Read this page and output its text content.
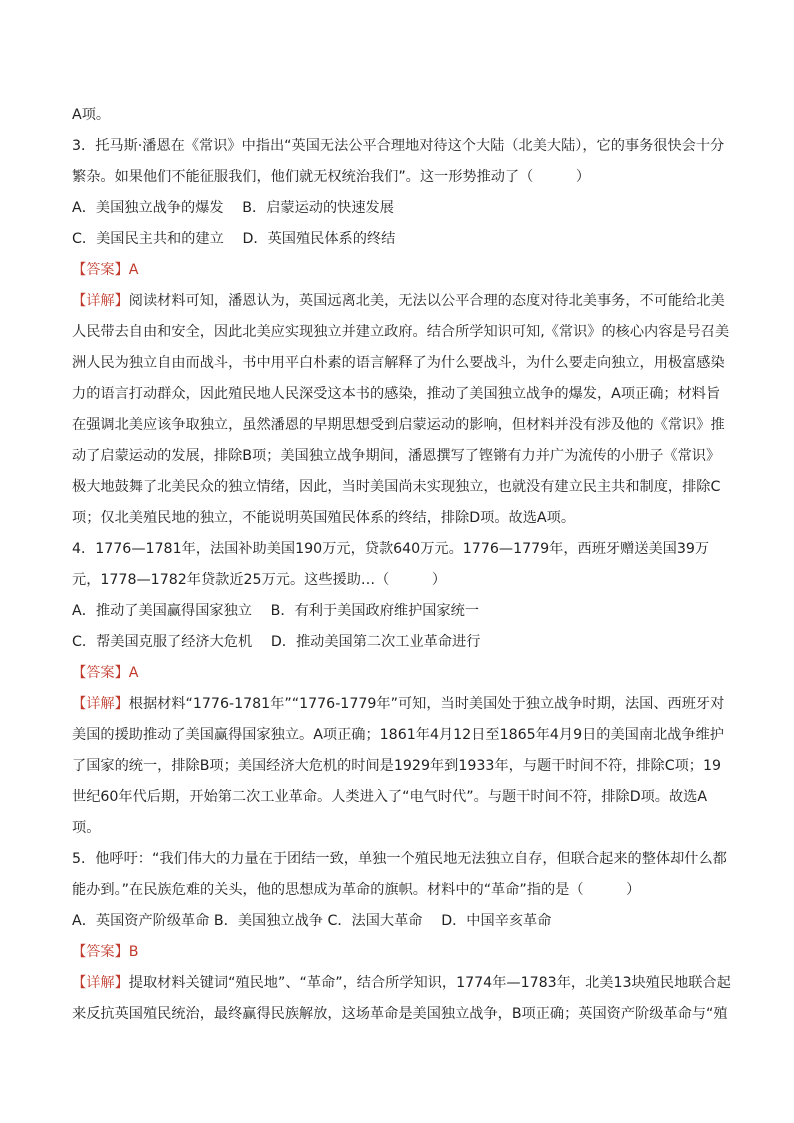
A项。

3．托马斯·潘恩在《常识》中指出“英国无法公平合理地对待这个大陆（北美大陆），它的事务很快会十分繁杂。如果他们不能征服我们，他们就无权统治我们”。这一形势推动了（　　　）

A．美国独立战争的爆发　 B．启蒙运动的快速发展

C．美国民主共和的建立　 D．英国殖民体系的终结

【答案】A

【详解】阅读材料可知，潘恩认为，英国远离北美，无法以公平合理的态度对待北美事务，不可能给北美人民带去自由和安全，因此北美应实现独立并建立政府。结合所学知识可知,《常识》的核心内容是号召美洲人民为独立自由而战斗，书中用平白朴素的语言解释了为什么要战斗，为什么要走向独立，用极富感染力的语言打动群众，因此殖民地人民深受这本书的感染，推动了美国独立战争的爆发，A项正确；材料旨在强调北美应该争取独立，虽然潘恩的早期思想受到启蒙运动的影响，但材料并没有涉及他的《常识》推动了启蒙运动的发展，排除B项；美国独立战争期间，潘恩撰写了铿锵有力并广为流传的小册子《常识》极大地鼓舞了北美民众的独立情绪，因此，当时美国尚未实现独立，也就没有建立民主共和制度，排除C项；仅北美殖民地的独立，不能说明英国殖民体系的终结，排除D项。故选A项。

4．1776—1781年，法国补助美国190万元，贷款640万元。1776—1779年，西班牙赠送美国39万元，1778—1782年贷款近25万元。这些援助…（　　　）

A．推动了美国赢得国家独立　 B．有利于美国政府维护国家统一

C．帮美国克服了经济大危机　 D．推动美国第二次工业革命进行

【答案】A

【详解】根据材料“1776-1781年”“1776-1779年”可知，当时美国处于独立战争时期，法国、西班牙对美国的援助推动了美国赢得国家独立。A项正确；1861年4月12日至1865年4月9日的美国南北战争维护了国家的统一，排除B项；美国经济大危机的时间是1929年到1933年，与题干时间不符，排除C项；19世纪60年代后期，开始第二次工业革命。人类进入了“电气时代”。与题干时间不符，排除D项。故选A项。

5．他呼吁：“我们伟大的力量在于团结一致，单独一个殖民地无法独立自存，但联合起来的整体却什么都能办到。”在民族危难的关头，他的思想成为革命的旗帜。材料中的“革命”指的是（　　　）

A．英国资产阶级革命 B．美国独立战争 C．法国大革命　 D．中国辛亥革命

【答案】B

【详解】提取材料关键词“殖民地”、“革命”，结合所学知识，1774年—1783年，北美13块殖民地联合起来反抗英国殖民统治，最终赢得民族解放，这场革命是美国独立战争，B项正确；英国资产阶级革命与“殖
